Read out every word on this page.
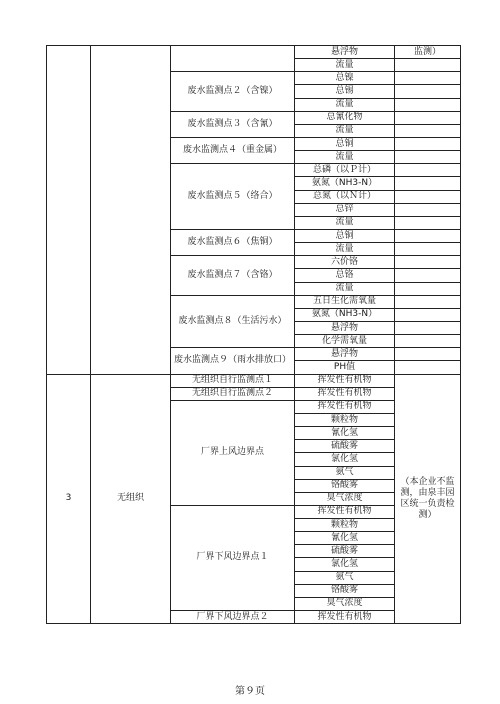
			悬浮物	监测）
			流量	
		废水监测点２（含镍）	总镍	
			总锡	
			流量	
		废水监测点３（含氰）	总氰化物	
			流量	
		废水监测点４（重金属）	总铜	
			流量	
		废水监测点５（络合）	总磷（以Ｐ计）	
			氨氮（NH3-N）	
			总氮（以Ｎ计）	
			总锌	
			流量	
		废水监测点６（焦铜）	总铜	
			流量	
		废水监测点７（含铬）	六价铬	
			总铬	
			流量	
		废水监测点８（生活污水）	五日生化需氧量	
			氨氮（NH3-N）	
			悬浮物	
			化学需氧量	
		废水监测点９（雨水排放口）	悬浮物	
			PH值	
3	无组织	无组织自行监测点１	挥发性有机物	（本企业不监测，由泉丰园区统一负责检测）
		无组织自行监测点２	挥发性有机物	
		厂界上风边界点	挥发性有机物	
			颗粒物	
			氰化氢	
			硫酸雾	
			氯化氢	
			氨气	
			铬酸雾	
			臭气浓度	
		厂界下风边界点１	挥发性有机物	
			颗粒物	
			氰化氢	
			硫酸雾	
			氯化氢	
			氨气	
			铬酸雾	
			臭气浓度	
		厂界下风边界点２	挥发性有机物	
第９页
